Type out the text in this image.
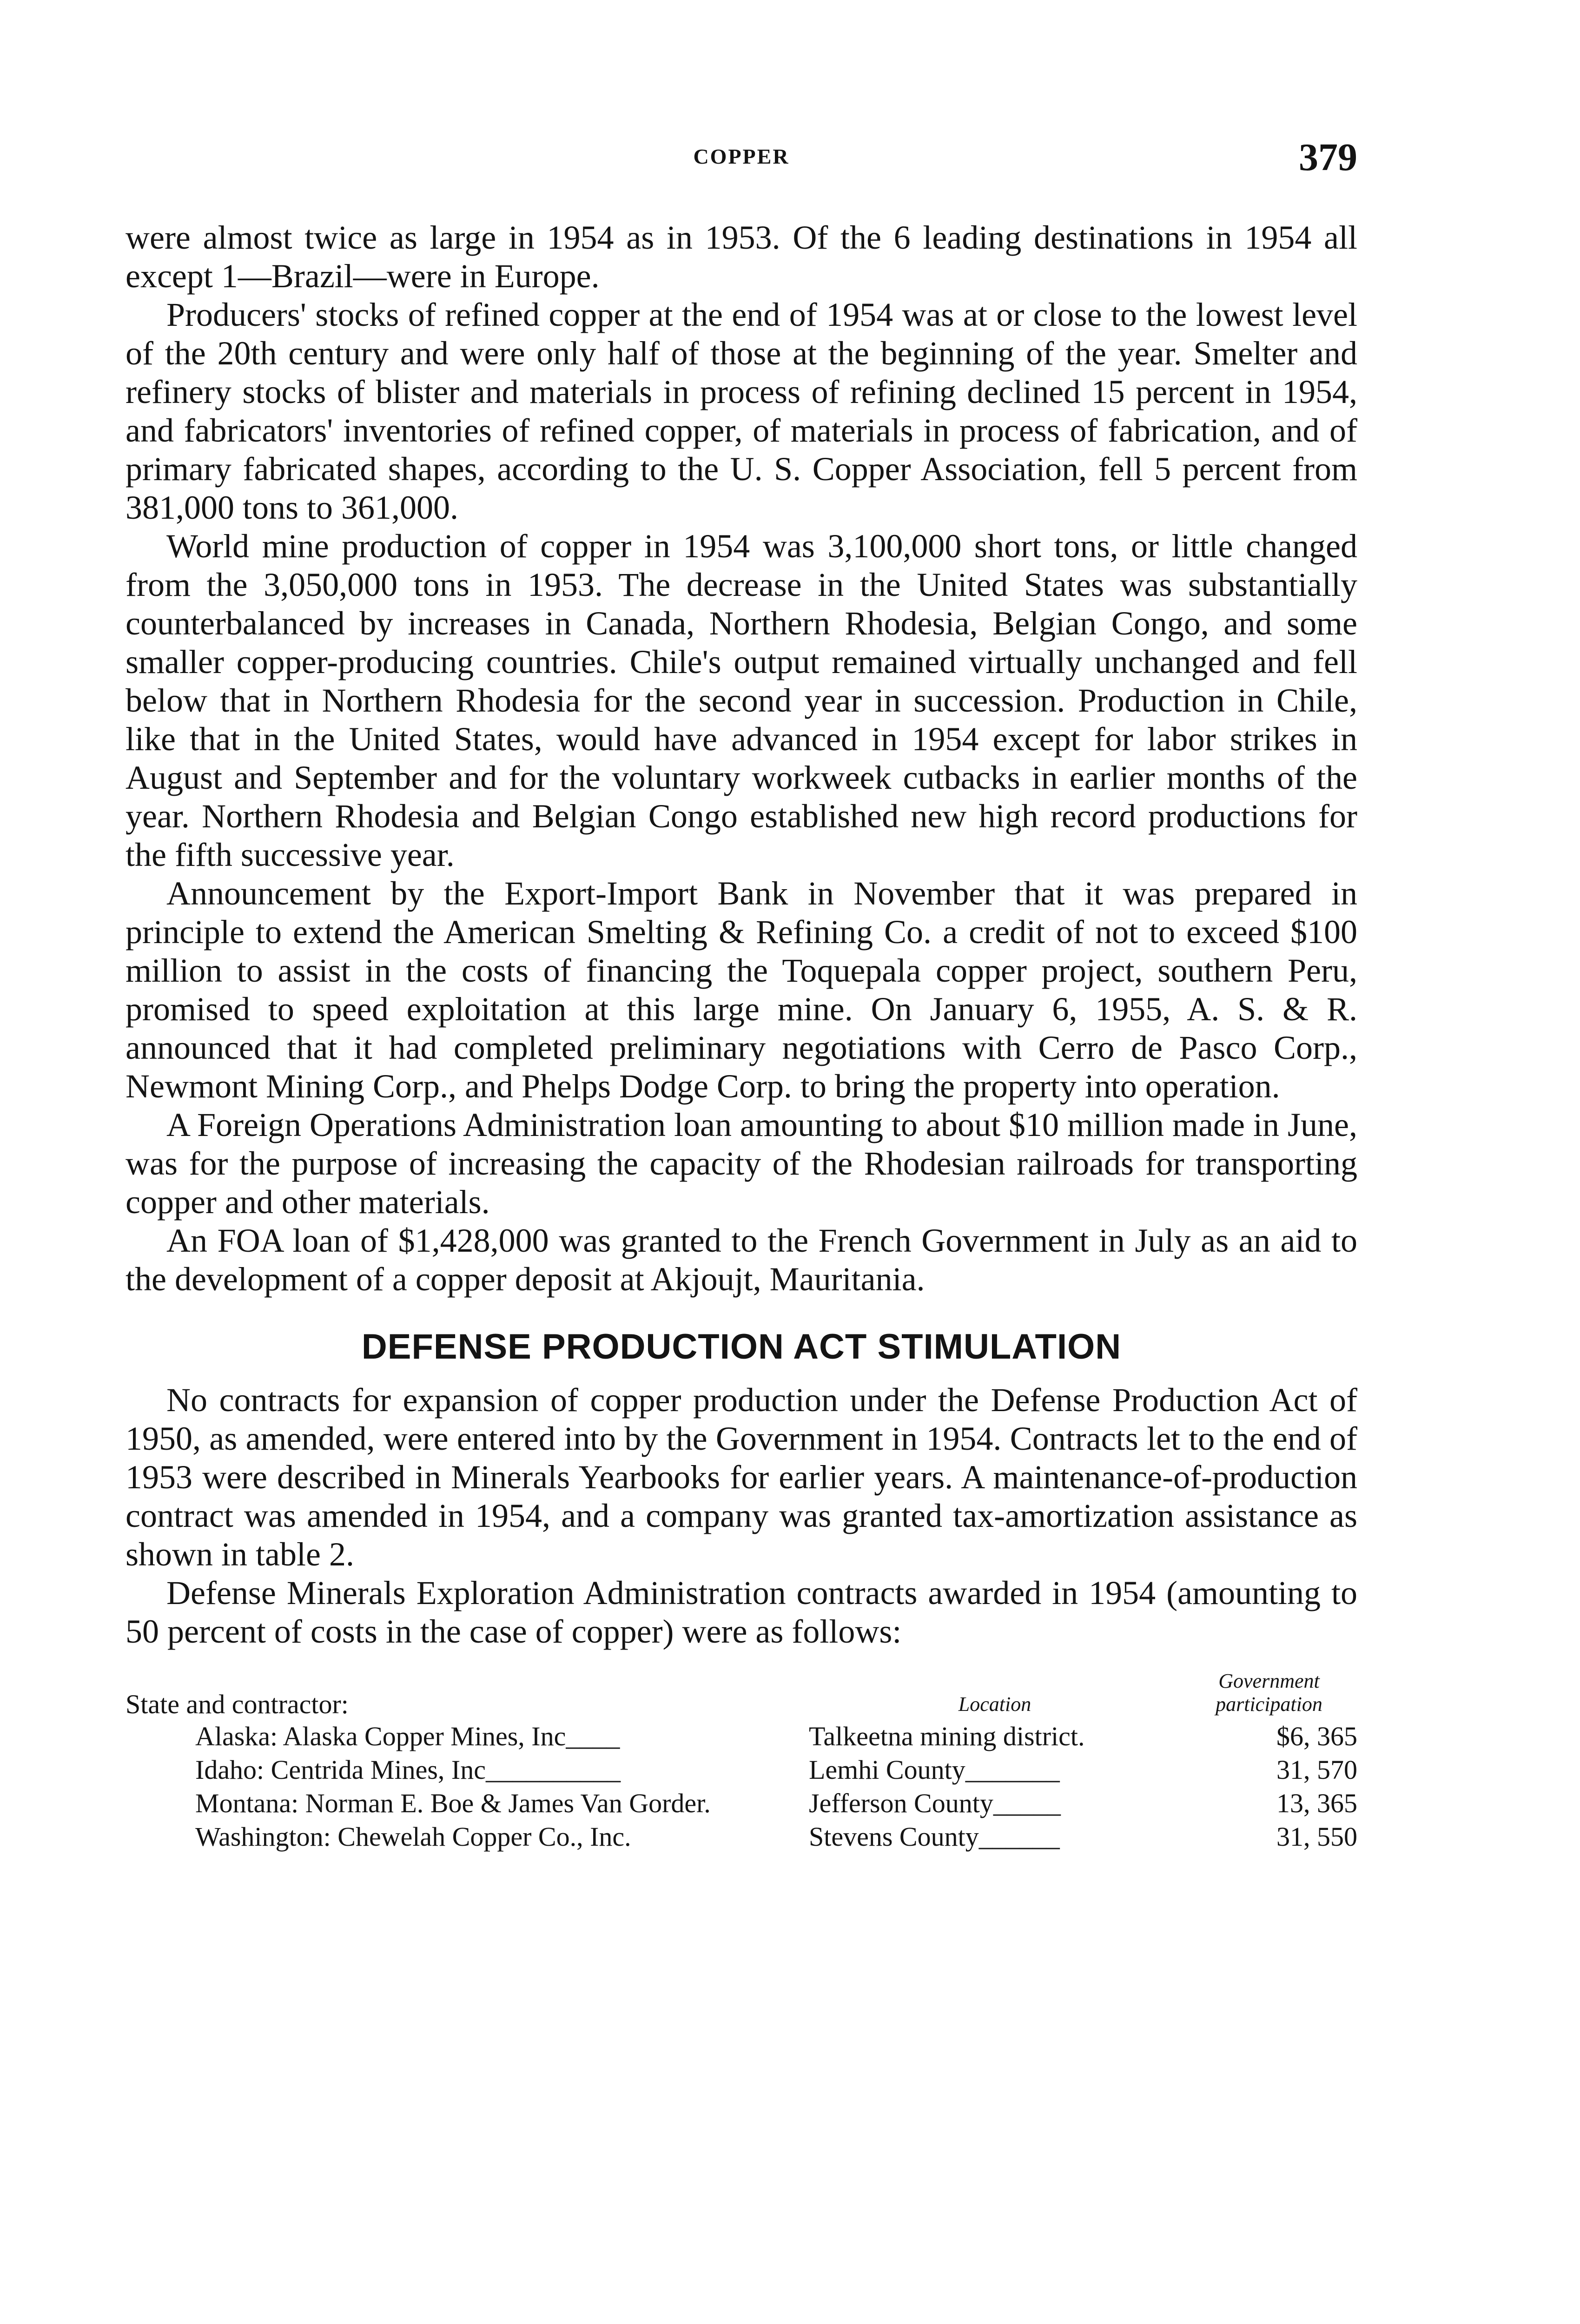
COPPER	379

were almost twice as large in 1954 as in 1953. Of the 6 leading destinations in 1954 all except 1—Brazil—were in Europe.

Producers' stocks of refined copper at the end of 1954 was at or close to the lowest level of the 20th century and were only half of those at the beginning of the year. Smelter and refinery stocks of blister and materials in process of refining declined 15 percent in 1954, and fabricators' inventories of refined copper, of materials in process of fabrication, and of primary fabricated shapes, according to the U. S. Copper Association, fell 5 percent from 381,000 tons to 361,000.

World mine production of copper in 1954 was 3,100,000 short tons, or little changed from the 3,050,000 tons in 1953. The decrease in the United States was substantially counterbalanced by increases in Canada, Northern Rhodesia, Belgian Congo, and some smaller copper-producing countries. Chile's output remained virtually unchanged and fell below that in Northern Rhodesia for the second year in succession. Production in Chile, like that in the United States, would have advanced in 1954 except for labor strikes in August and September and for the voluntary workweek cutbacks in earlier months of the year. Northern Rhodesia and Belgian Congo established new high record productions for the fifth successive year.

Announcement by the Export-Import Bank in November that it was prepared in principle to extend the American Smelting & Refining Co. a credit of not to exceed $100 million to assist in the costs of financing the Toquepala copper project, southern Peru, promised to speed exploitation at this large mine. On January 6, 1955, A. S. & R. announced that it had completed preliminary negotiations with Cerro de Pasco Corp., Newmont Mining Corp., and Phelps Dodge Corp. to bring the property into operation.

A Foreign Operations Administration loan amounting to about $10 million made in June, was for the purpose of increasing the capacity of the Rhodesian railroads for transporting copper and other materials.

An FOA loan of $1,428,000 was granted to the French Government in July as an aid to the development of a copper deposit at Akjoujt, Mauritania.

DEFENSE PRODUCTION ACT STIMULATION

No contracts for expansion of copper production under the Defense Production Act of 1950, as amended, were entered into by the Government in 1954. Contracts let to the end of 1953 were described in Minerals Yearbooks for earlier years. A maintenance-of-production contract was amended in 1954, and a company was granted tax-amortization assistance as shown in table 2.

Defense Minerals Exploration Administration contracts awarded in 1954 (amounting to 50 percent of costs in the case of copper) were as follows:

State and contractor:	Location	Government
participation

Alaska: Alaska Copper Mines, Inc____	Talkeetna mining district.	$6, 365

Idaho: Centrida Mines, Inc__________	Lemhi County_______	31, 570

Montana: Norman E. Boe & James Van Gorder.	Jefferson County_____	13, 365

Washington: Chewelah Copper Co., Inc.	Stevens County______	31, 550
